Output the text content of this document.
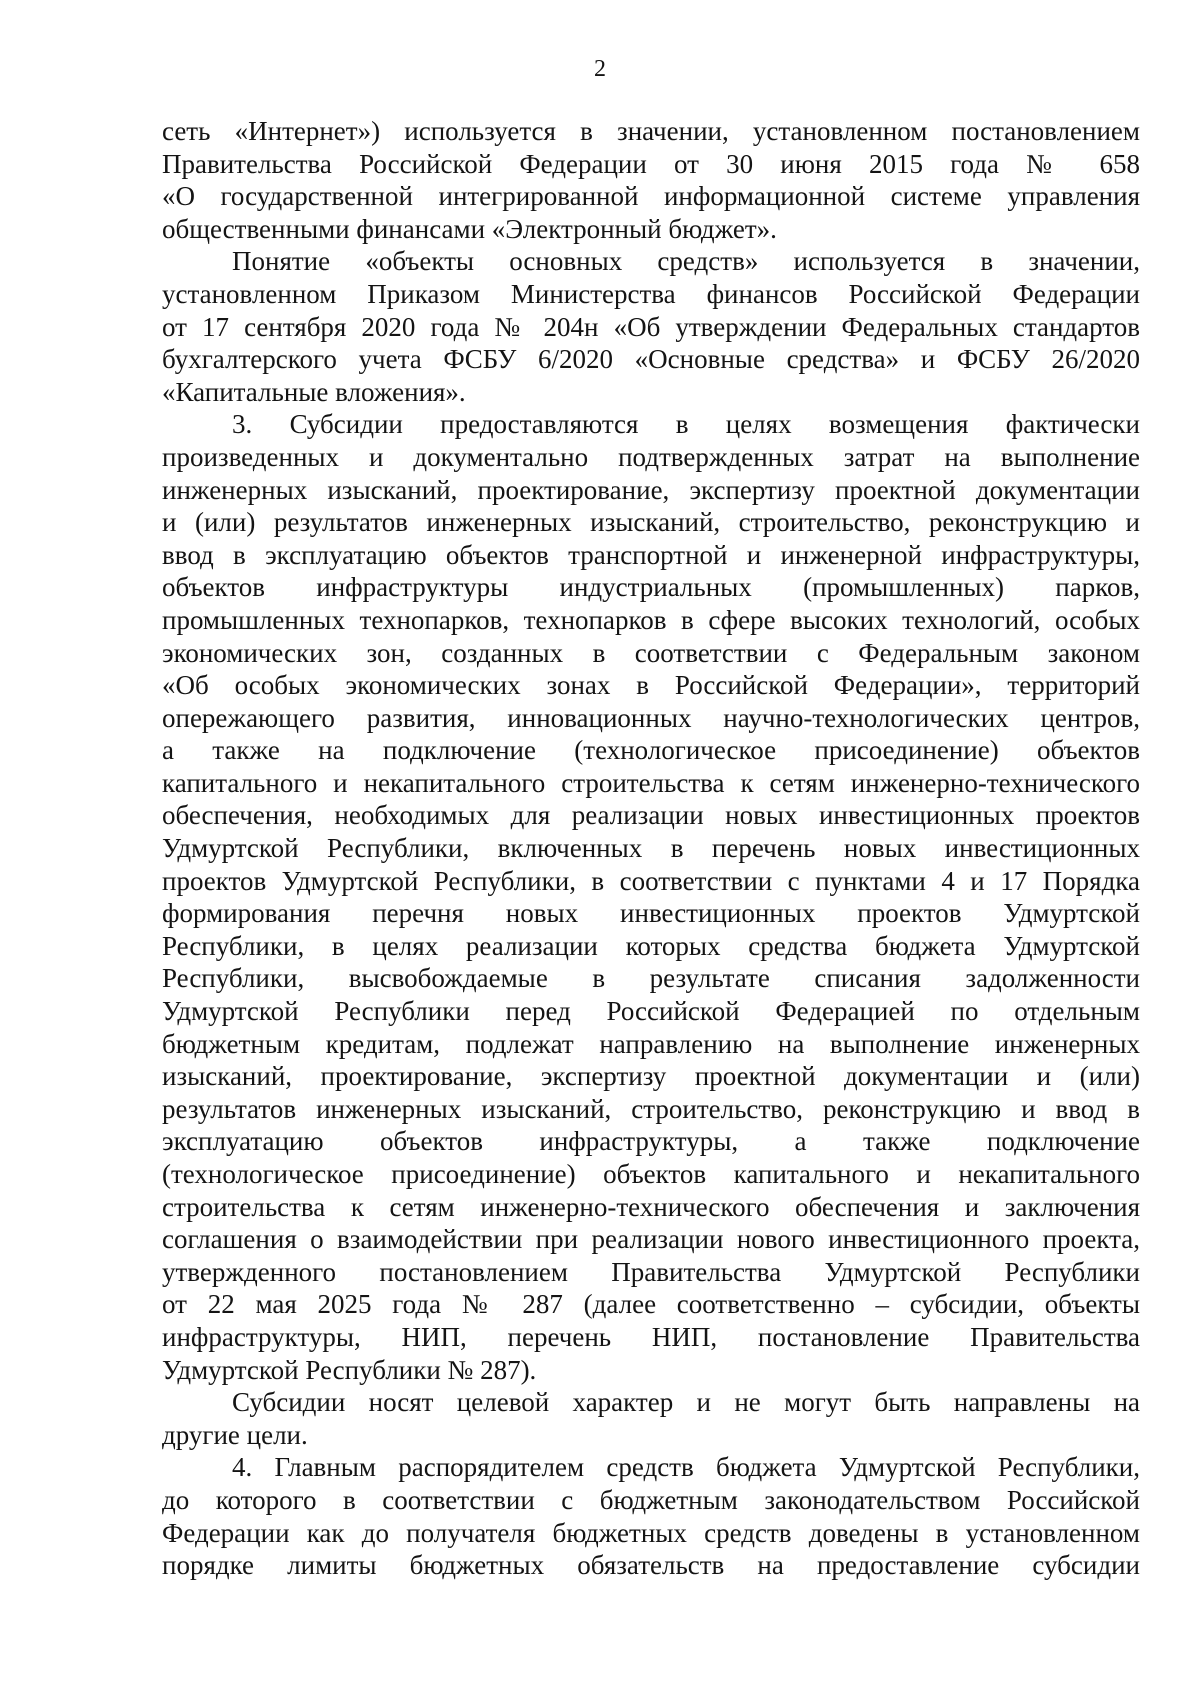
2
сеть «Интернет») используется в значении, установленном постановлением
Правительства Российской Федерации от 30 июня 2015 года № 658
«О государственной интегрированной информационной системе управления
общественными финансами «Электронный бюджет».
Понятие «объекты основных средств» используется в значении,
установленном Приказом Министерства финансов Российской Федерации
от 17 сентября 2020 года № 204н «Об утверждении Федеральных стандартов
бухгалтерского учета ФСБУ 6/2020 «Основные средства» и ФСБУ 26/2020
«Капитальные вложения».
3. Субсидии предоставляются в целях возмещения фактически
произведенных и документально подтвержденных затрат на выполнение
инженерных изысканий, проектирование, экспертизу проектной документации
и (или) результатов инженерных изысканий, строительство, реконструкцию и
ввод в эксплуатацию объектов транспортной и инженерной инфраструктуры,
объектов инфраструктуры индустриальных (промышленных) парков,
промышленных технопарков, технопарков в сфере высоких технологий, особых
экономических зон, созданных в соответствии с Федеральным законом
«Об особых экономических зонах в Российской Федерации», территорий
опережающего развития, инновационных научно-технологических центров,
а также на подключение (технологическое присоединение) объектов
капитального и некапитального строительства к сетям инженерно-технического
обеспечения, необходимых для реализации новых инвестиционных проектов
Удмуртской Республики, включенных в перечень новых инвестиционных
проектов Удмуртской Республики, в соответствии с пунктами 4 и 17 Порядка
формирования перечня новых инвестиционных проектов Удмуртской
Республики, в целях реализации которых средства бюджета Удмуртской
Республики, высвобождаемые в результате списания задолженности
Удмуртской Республики перед Российской Федерацией по отдельным
бюджетным кредитам, подлежат направлению на выполнение инженерных
изысканий, проектирование, экспертизу проектной документации и (или)
результатов инженерных изысканий, строительство, реконструкцию и ввод в
эксплуатацию объектов инфраструктуры, а также подключение
(технологическое присоединение) объектов капитального и некапитального
строительства к сетям инженерно-технического обеспечения и заключения
соглашения о взаимодействии при реализации нового инвестиционного проекта,
утвержденного постановлением Правительства Удмуртской Республики
от 22 мая 2025 года № 287 (далее соответственно – субсидии, объекты
инфраструктуры, НИП, перечень НИП, постановление Правительства
Удмуртской Республики № 287).
Субсидии носят целевой характер и не могут быть направлены на
другие цели.
4. Главным распорядителем средств бюджета Удмуртской Республики,
до которого в соответствии с бюджетным законодательством Российской
Федерации как до получателя бюджетных средств доведены в установленном
порядке лимиты бюджетных обязательств на предоставление субсидии
